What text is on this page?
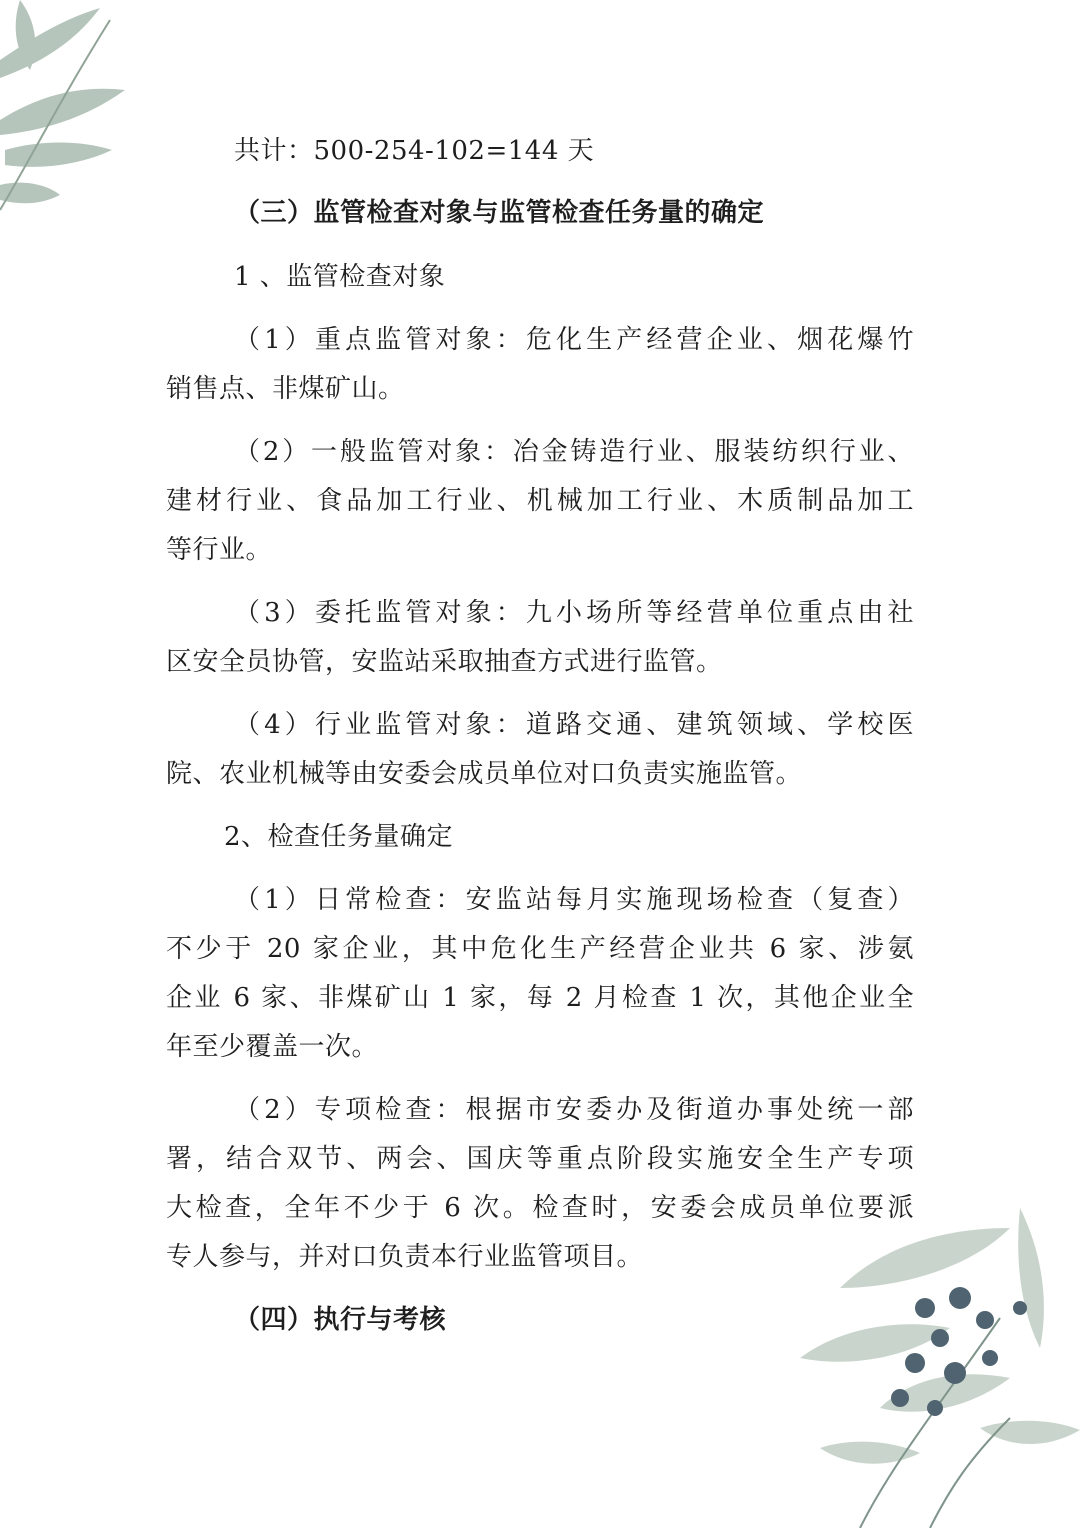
共计：500-254-102=144 天
（三）监管检查对象与监管检查任务量的确定
1 、监管检查对象
（1）重点监管对象：危化生产经营企业、烟花爆竹
销售点、非煤矿山。
（2）一般监管对象：冶金铸造行业、服装纺织行业、
建材行业、食品加工行业、机械加工行业、木质制品加工
等行业。
（3）委托监管对象：九小场所等经营单位重点由社
区安全员协管，安监站采取抽查方式进行监管。
（4）行业监管对象：道路交通、建筑领域、学校医
院、农业机械等由安委会成员单位对口负责实施监管。
2、检查任务量确定
（1）日常检查：安监站每月实施现场检查（复查）
不少于 20 家企业，其中危化生产经营企业共 6 家、涉氨
企业 6 家、非煤矿山 1 家，每 2 月检查 1 次，其他企业全
年至少覆盖一次。
（2）专项检查：根据市安委办及街道办事处统一部
署，结合双节、两会、国庆等重点阶段实施安全生产专项
大检查，全年不少于 6 次。检查时，安委会成员单位要派
专人参与，并对口负责本行业监管项目。
（四）执行与考核
